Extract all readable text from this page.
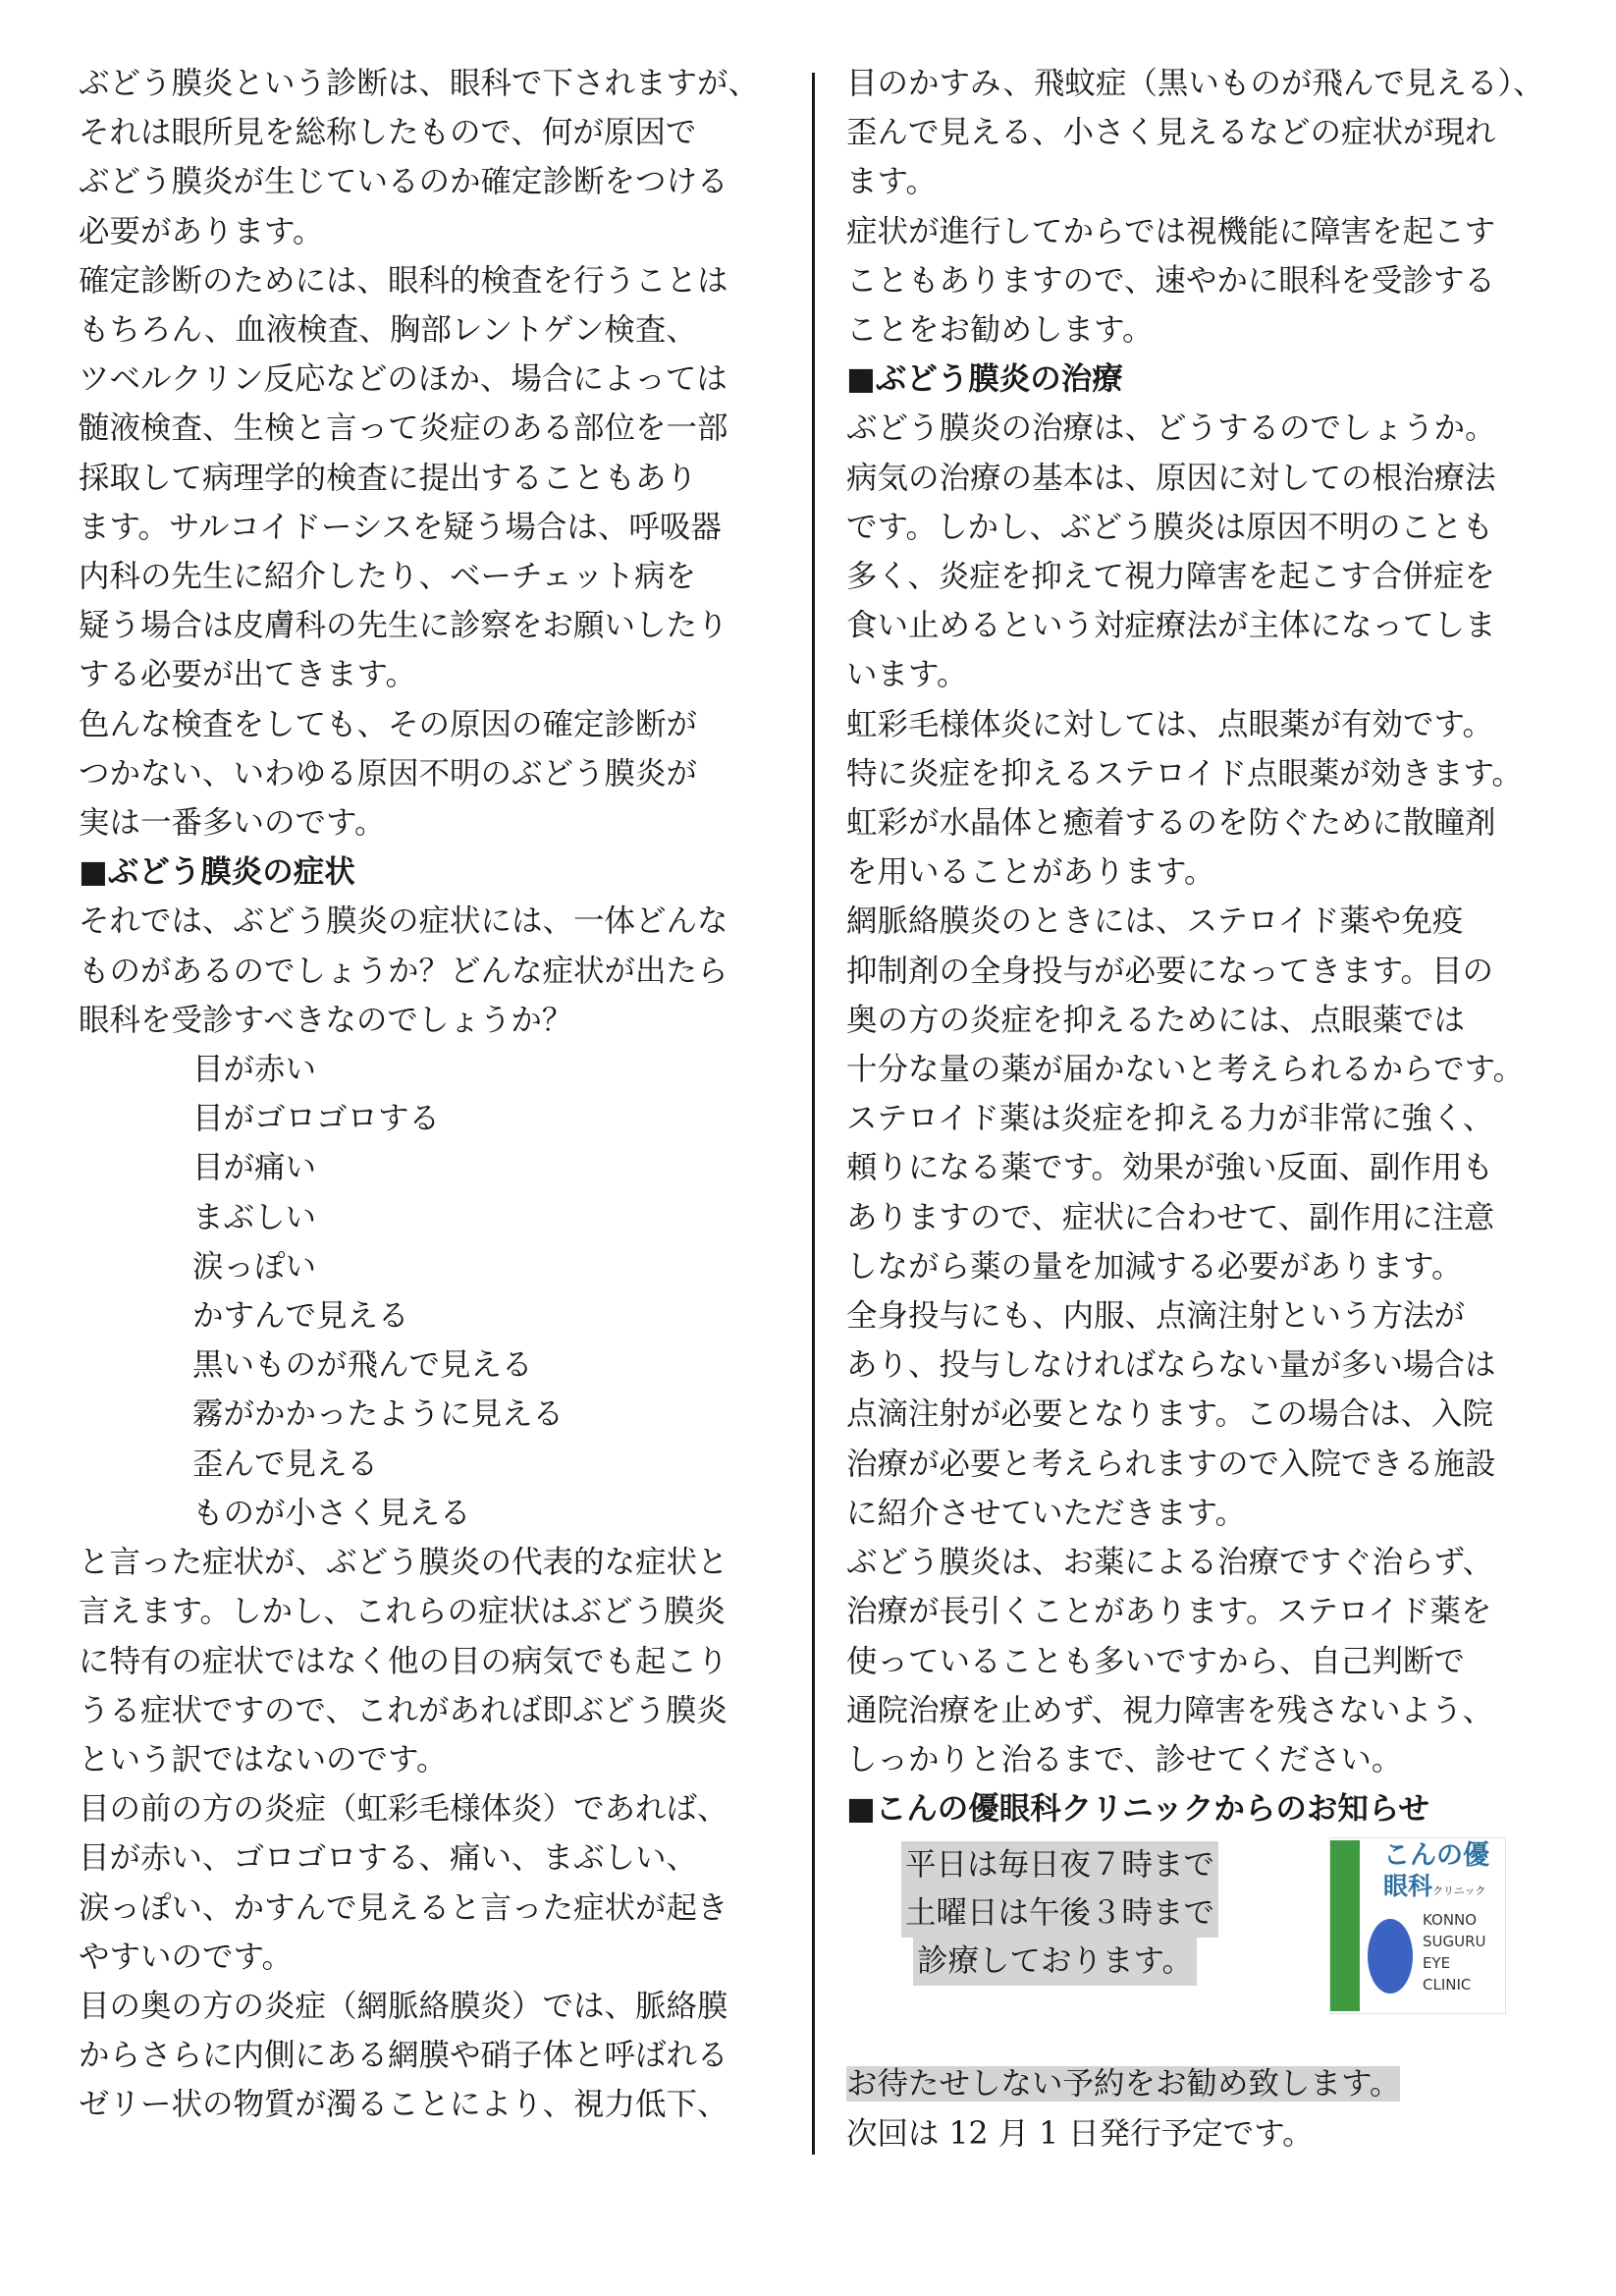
ぶどう膜炎という診断は、眼科で下されますが、
それは眼所見を総称したもので、何が原因で
ぶどう膜炎が生じているのか確定診断をつける
必要があります。

確定診断のためには、眼科的検査を行うことは
もちろん、血液検査、胸部レントゲン検査、
ツベルクリン反応などのほか、場合によっては
髄液検査、生検と言って炎症のある部位を一部
採取して病理学的検査に提出することもあり
ます。サルコイドーシスを疑う場合は、呼吸器
内科の先生に紹介したり、ベーチェット病を
疑う場合は皮膚科の先生に診察をお願いしたり
する必要が出てきます。

色んな検査をしても、その原因の確定診断が
つかない、いわゆる原因不明のぶどう膜炎が
実は一番多いのです。

■ぶどう膜炎の症状

それでは、ぶどう膜炎の症状には、一体どんな
ものがあるのでしょうか？どんな症状が出たら
眼科を受診すべきなのでしょうか？

目が赤い
目がゴロゴロする
目が痛い
まぶしい
涙っぽい
かすんで見える
黒いものが飛んで見える
霧がかかったように見える
歪んで見える
ものが小さく見える

と言った症状が、ぶどう膜炎の代表的な症状と
言えます。しかし、これらの症状はぶどう膜炎
に特有の症状ではなく他の目の病気でも起こり
うる症状ですので、これがあれば即ぶどう膜炎
という訳ではないのです。

目の前の方の炎症（虹彩毛様体炎）であれば、
目が赤い、ゴロゴロする、痛い、まぶしい、
涙っぽい、かすんで見えると言った症状が起き
やすいのです。

目の奥の方の炎症（網脈絡膜炎）では、脈絡膜
からさらに内側にある網膜や硝子体と呼ばれる
ゼリー状の物質が濁ることにより、視力低下、

目のかすみ、飛蚊症（黒いものが飛んで見える）、
歪んで見える、小さく見えるなどの症状が現れ
ます。

症状が進行してからでは視機能に障害を起こす
こともありますので、速やかに眼科を受診する
ことをお勧めします。

■ぶどう膜炎の治療

ぶどう膜炎の治療は、どうするのでしょうか。
病気の治療の基本は、原因に対しての根治療法
です。しかし、ぶどう膜炎は原因不明のことも
多く、炎症を抑えて視力障害を起こす合併症を
食い止めるという対症療法が主体になってしま
います。

虹彩毛様体炎に対しては、点眼薬が有効です。
特に炎症を抑えるステロイド点眼薬が効きます。
虹彩が水晶体と癒着するのを防ぐために散瞳剤
を用いることがあります。

網脈絡膜炎のときには、ステロイド薬や免疫
抑制剤の全身投与が必要になってきます。目の
奥の方の炎症を抑えるためには、点眼薬では
十分な量の薬が届かないと考えられるからです。
ステロイド薬は炎症を抑える力が非常に強く、
頼りになる薬です。効果が強い反面、副作用も
ありますので、症状に合わせて、副作用に注意
しながら薬の量を加減する必要があります。

全身投与にも、内服、点滴注射という方法が
あり、投与しなければならない量が多い場合は
点滴注射が必要となります。この場合は、入院
治療が必要と考えられますので入院できる施設
に紹介させていただきます。

ぶどう膜炎は、お薬による治療ですぐ治らず、
治療が長引くことがあります。ステロイド薬を
使っていることも多いですから、自己判断で
通院治療を止めず、視力障害を残さないよう、
しっかりと治るまで、診せてください。

■こんの優眼科クリニックからのお知らせ
平日は毎日夜７時まで
土曜日は午後３時まで
診療しております。
こんの優
眼科クリニック
KONNO
SUGURU
EYE
CLINIC

お待たせしない予約をお勧め致します。

次回は 12 月 1 日発行予定です。
